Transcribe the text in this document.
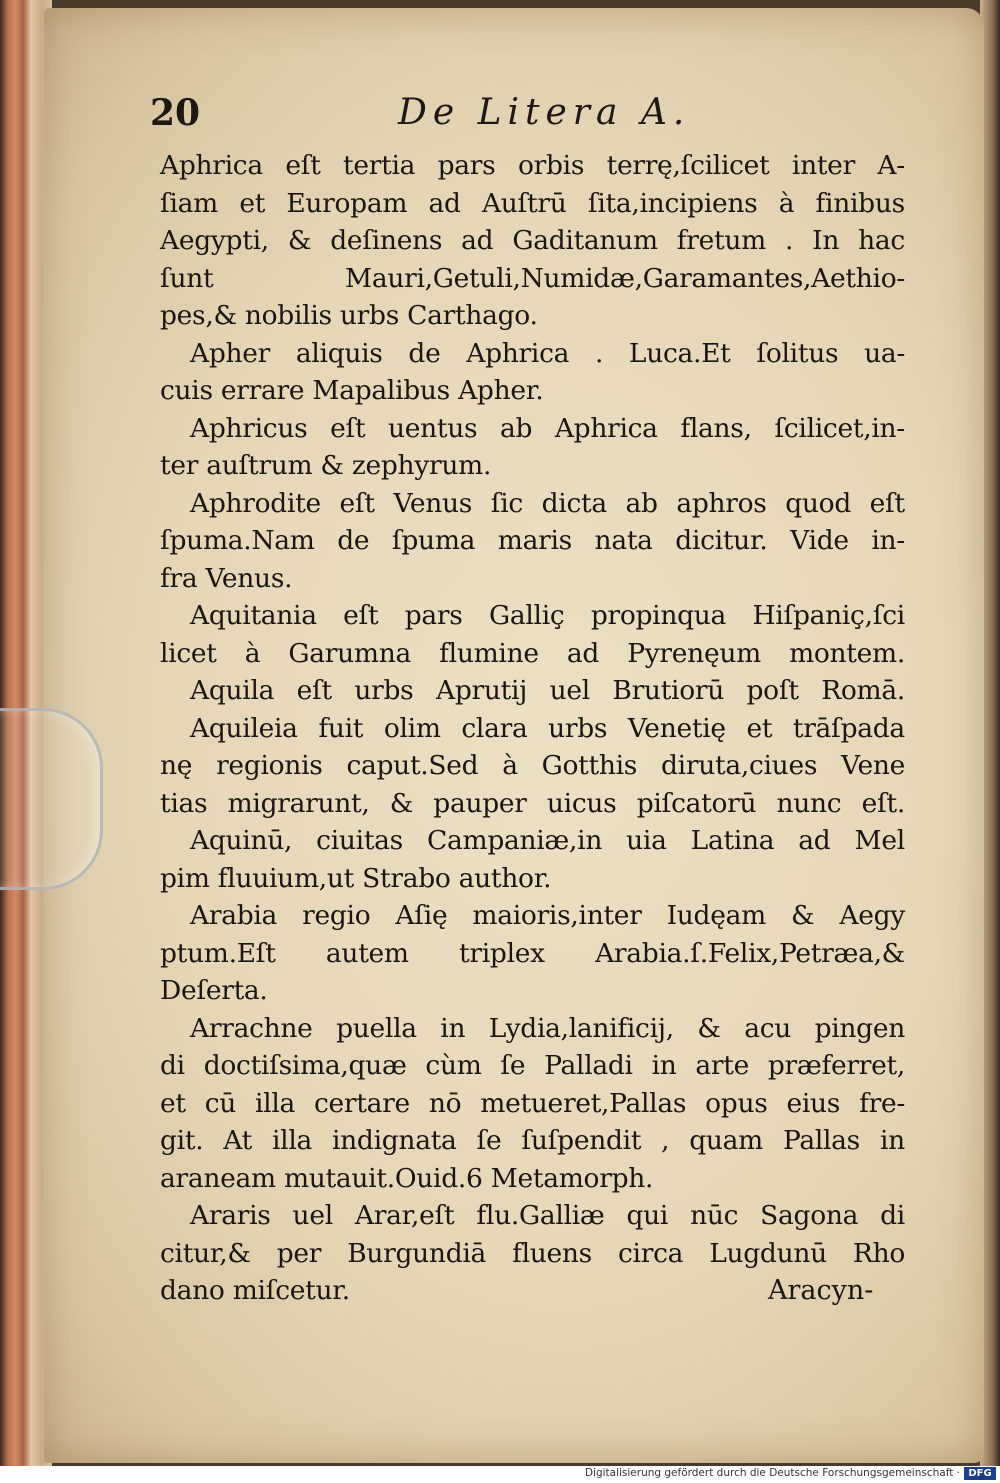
20	De Litera A.
Aphrica eſt tertia pars orbis terrę,ſcilicet inter A-
ſiam et Europam ad Auſtrū ſita,incipiens à finibus
Aegypti, & deſinens ad Gaditanum fretum . In hac
ſunt	Mauri,Getuli,Numidæ,Garamantes,Aethio-
pes,& nobilis urbs Carthago.
Apher aliquis de Aphrica . Luca.Et ſolitus ua-
cuis errare Mapalibus Apher.
Aphricus eſt uentus ab Aphrica flans, ſcilicet,in-
ter auſtrum & zephyrum.
Aphrodite eſt Venus ſic dicta ab aphros quod eſt
ſpuma.Nam de ſpuma maris nata dicitur. Vide in-
fra Venus.
Aquitania eſt pars Galliç propinqua Hiſpaniç,ſci
licet à Garumna flumine ad Pyrenęum montem.
Aquila eſt urbs Aprutij uel Brutiorū poſt Romā.
Aquileia fuit olim clara urbs Venetię et trāſpada
nę regionis caput.Sed à Gotthis diruta,ciues Vene
tias migrarunt, & pauper uicus piſcatorū nunc eſt.
Aquinū, ciuitas Campaniæ,in uia Latina ad Mel
pim fluuium,ut Strabo author.
Arabia regio Aſię maioris,inter Iudęam & Aegy
ptum.Eſt autem triplex Arabia.ſ.Felix,Petræa,&
Deſerta.
Arrachne puella in Lydia,lanificij, & acu pingen
di doctiſsima,quæ cùm ſe Palladi in arte præferret,
et cū illa certare nō metueret,Pallas opus eius fre-
git. At illa indignata ſe ſuſpendit , quam Pallas in
araneam mutauit.Ouid.6 Metamorph.
Araris uel Arar,eſt flu.Galliæ qui nūc Sagona di
citur,& per Burgundiā fluens circa Lugdunū Rho
dano miſcetur.	Aracyn-
Digitalisierung gefördert durch die Deutsche Forschungsgemeinschaft · DFG
